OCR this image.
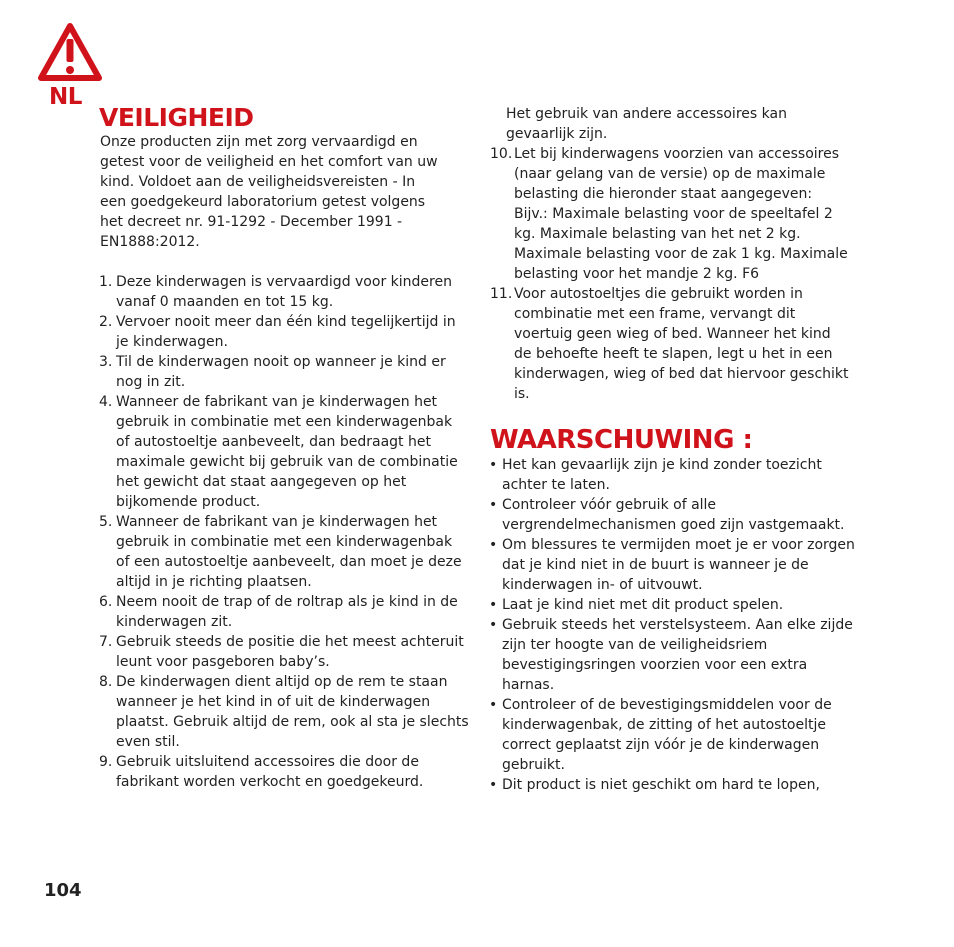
NL
VEILIGHEID

Onze producten zijn met zorg vervaardigd en getest voor de veiligheid en het comfort van uw kind. Voldoet aan de veiligheidsvereisten - In een goedgekeurd laboratorium getest volgens het decreet nr. 91-1292 - December 1991 - EN1888:2012.

1. Deze kinderwagen is vervaardigd voor kinderen vanaf 0 maanden en tot 15 kg.
2. Vervoer nooit meer dan één kind tegelijkertijd in je kinderwagen.
3. Til de kinderwagen nooit op wanneer je kind er nog in zit.
4. Wanneer de fabrikant van je kinderwagen het gebruik in combinatie met een kinderwagenbak of autostoeltje aanbeveelt, dan bedraagt het maximale gewicht bij gebruik van de combinatie het gewicht dat staat aangegeven op het bijkomende product.
5. Wanneer de fabrikant van je kinderwagen het gebruik in combinatie met een kinderwagenbak of een autostoeltje aanbeveelt, dan moet je deze altijd in je richting plaatsen.
6. Neem nooit de trap of de roltrap als je kind in de kinderwagen zit.
7. Gebruik steeds de positie die het meest achteruit leunt voor pasgeboren baby’s.
8. De kinderwagen dient altijd op de rem te staan wanneer je het kind in of uit de kinderwagen plaatst. Gebruik altijd de rem, ook al sta je slechts even stil.
9. Gebruik uitsluitend accessoires die door de fabrikant worden verkocht en goedgekeurd.

Het gebruik van andere accessoires kan gevaarlijk zijn.

10. Let bij kinderwagens voorzien van accessoires (naar gelang van de versie) op de maximale belasting die hieronder staat aangegeven: Bijv.: Maximale belasting voor de speeltafel 2 kg. Maximale belasting van het net 2 kg. Maximale belasting voor de zak 1 kg. Maximale belasting voor het mandje 2 kg. F6
11. Voor autostoeltjes die gebruikt worden in combinatie met een frame, vervangt dit voertuig geen wieg of bed. Wanneer het kind de behoefte heeft te slapen, legt u het in een kinderwagen, wieg of bed dat hiervoor geschikt is.
WAARSCHUWING :
• Het kan gevaarlijk zijn je kind zonder toezicht achter te laten.
• Controleer vóór gebruik of alle vergrendelmechanismen goed zijn vastgemaakt.
• Om blessures te vermijden moet je er voor zorgen dat je kind niet in de buurt is wanneer je de kinderwagen in- of uitvouwt.
• Laat je kind niet met dit product spelen.
• Gebruik steeds het verstelsysteem. Aan elke zijde zijn ter hoogte van de veiligheidsriem bevestigingsringen voorzien voor een extra harnas.
• Controleer of de bevestigingsmiddelen voor de kinderwagenbak, de zitting of het autostoeltje correct geplaatst zijn vóór je de kinderwagen gebruikt.
• Dit product is niet geschikt om hard te lopen,
104
